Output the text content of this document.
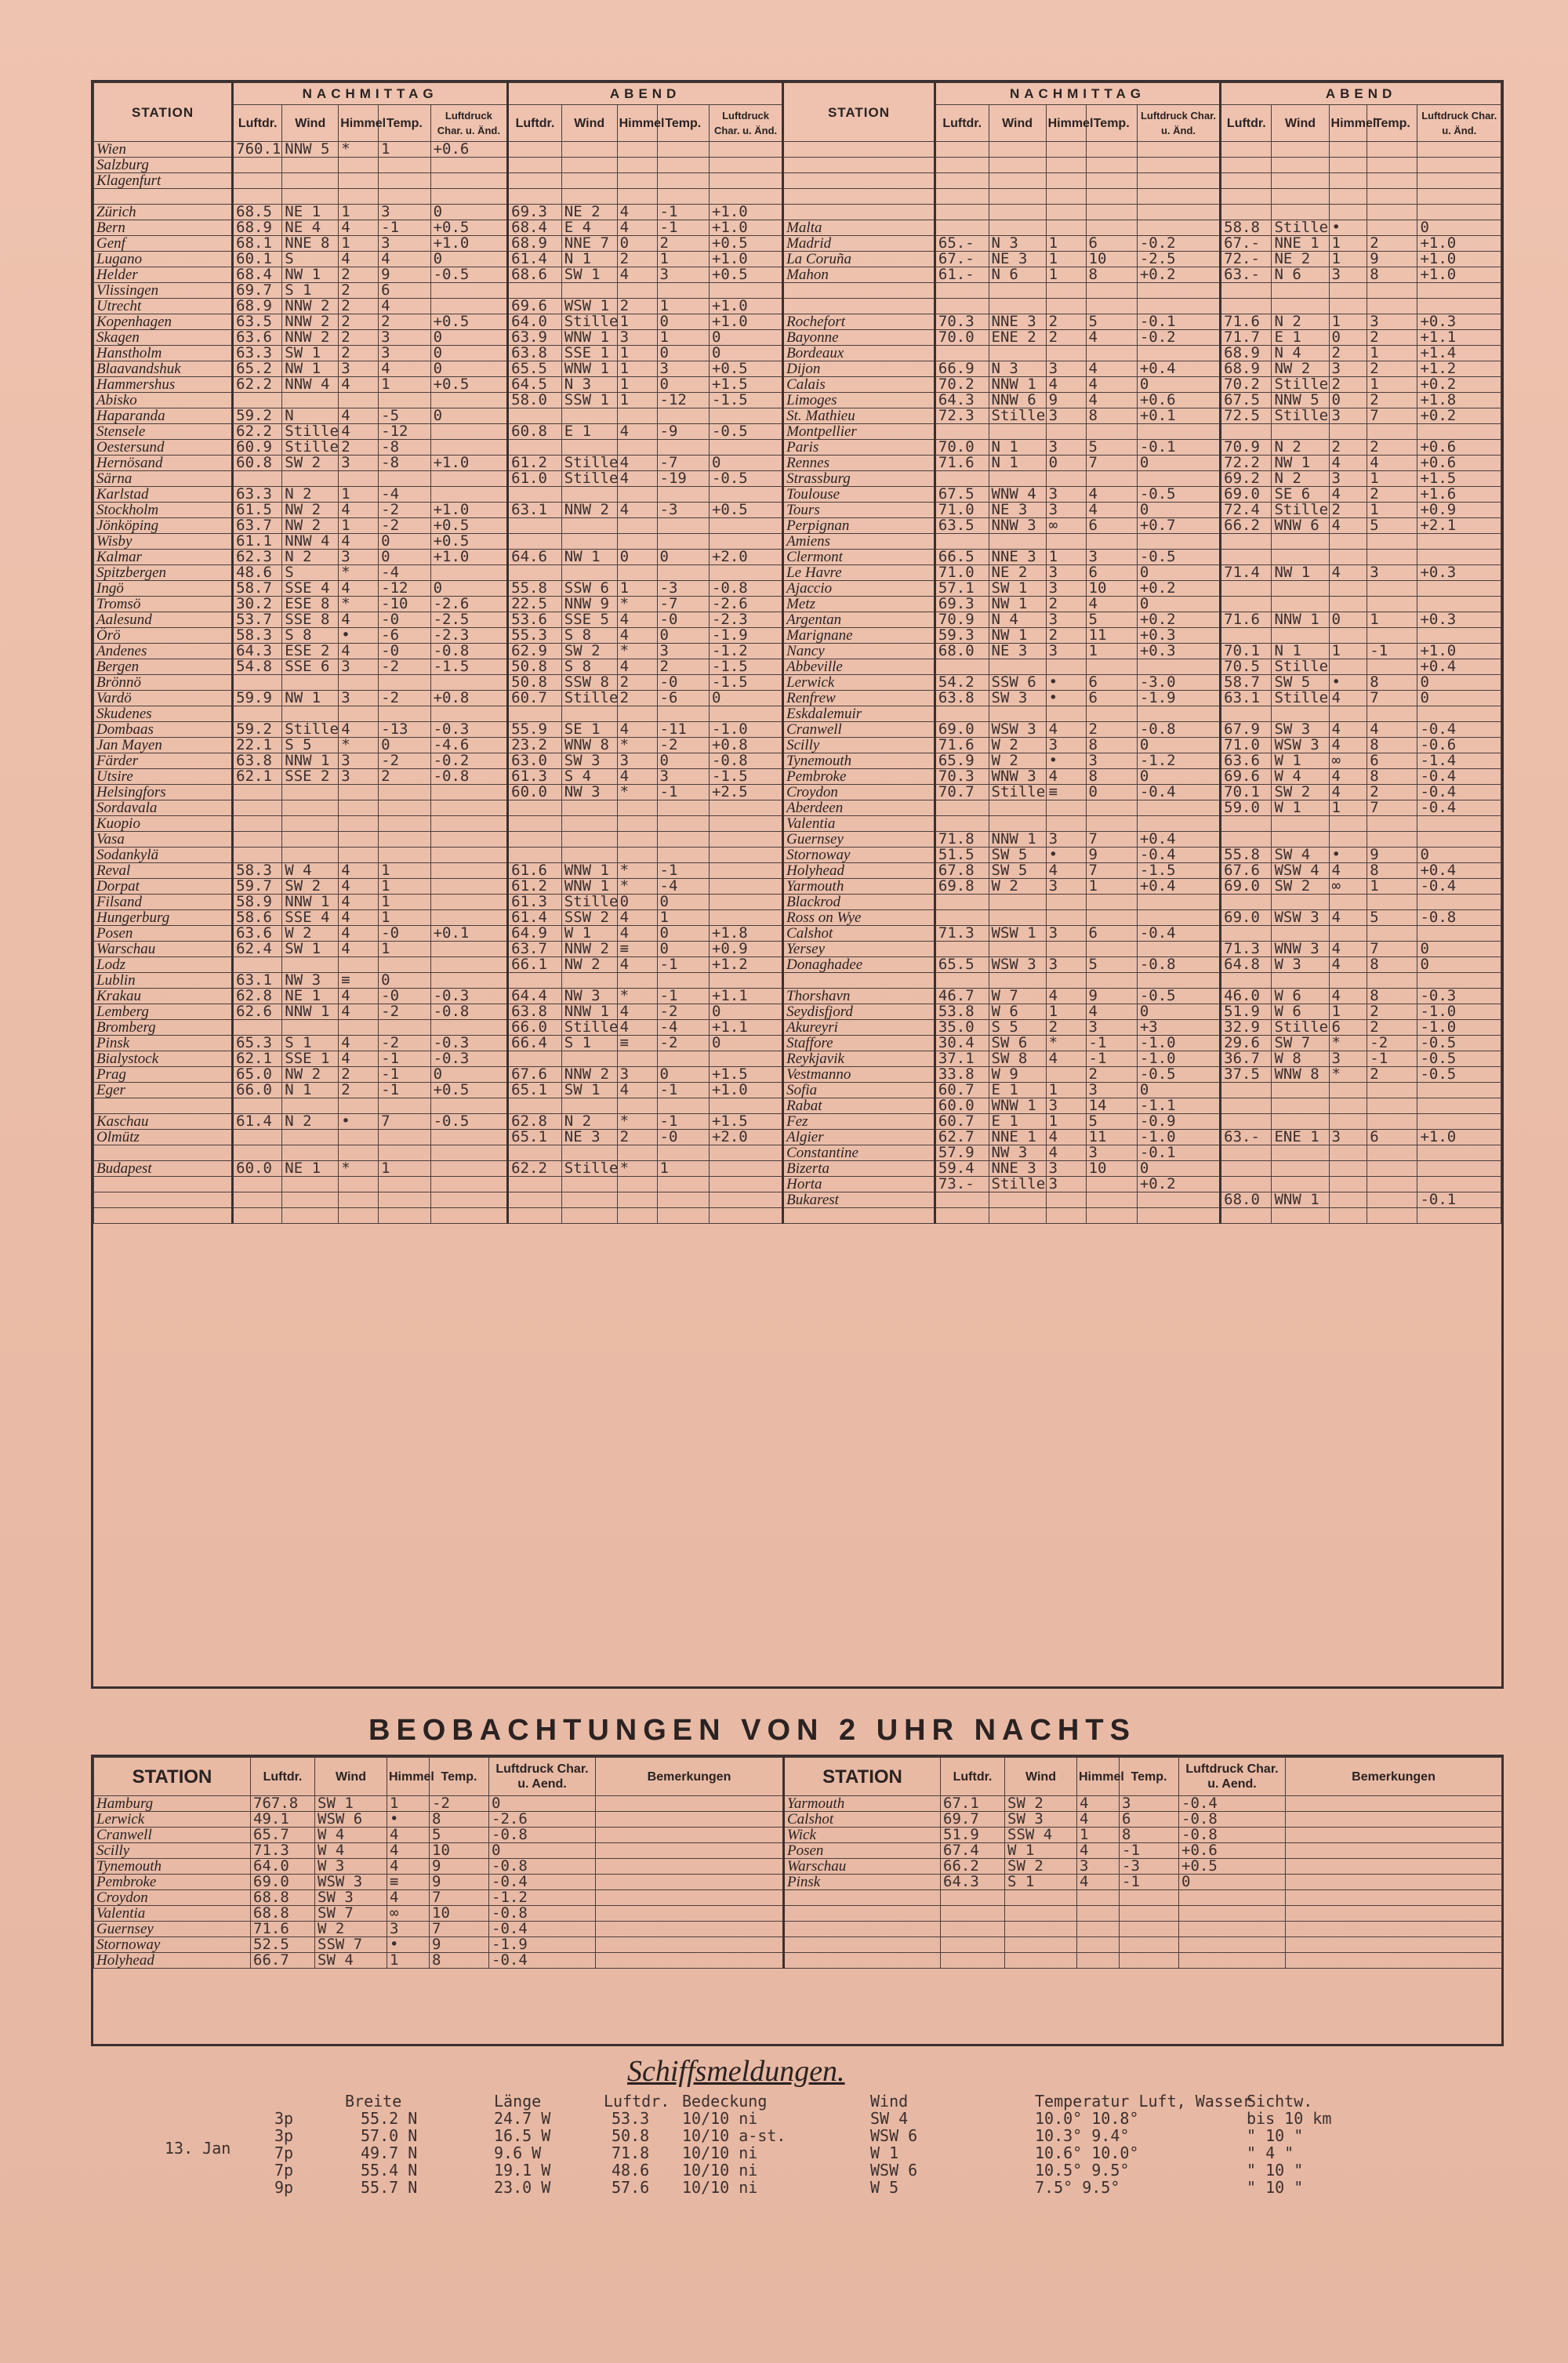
STATION	NACHMITTAG					ABEND					STATION	NACHMITTAG					ABEND				
	Luftdr.	Wind	Himmel	Temp.	Luftdruck Char. u. Änd.	Luftdr.	Wind	Himmel	Temp.	Luftdruck Char. u. Änd.		Luftdr.	Wind	Himmel	Temp.	Luftdruck Char. u. Änd.	Luftdr.	Wind	Himmel	Temp.	Luftdruck Char. u. Änd.
Wien	760.1	NNW 5	*	1	+0.6																
Salzburg																					
Klagenfurt																					

Zürich	68.5	NE 1	1	3	0	69.3	NE 2	4	-1	+1.0											
Bern	68.9	NE 4	4	-1	+0.5	68.4	E 4	4	-1	+1.0	Malta						58.8	Stille	•		0
Genf	68.1	NNE 8	1	3	+1.0	68.9	NNE 7	0	2	+0.5	Madrid	65.-	N 3	1	6	-0.2	67.-	NNE 1	1	2	+1.0
Lugano	60.1	S	4	4	0	61.4	N 1	2	1	+1.0	La Coruña	67.-	NE 3	1	10	-2.5	72.-	NE 2	1	9	+1.0
Helder	68.4	NW 1	2	9	-0.5	68.6	SW 1	4	3	+0.5	Mahon	61.-	N 6	1	8	+0.2	63.-	N 6	3	8	+1.0
Vlissingen	69.7	S 1	2	6																	
Utrecht	68.9	NNW 2	2	4		69.6	WSW 1	2	1	+1.0											
Kopenhagen	63.5	NNW 2	2	2	+0.5	64.0	Stille	1	0	+1.0	Rochefort	70.3	NNE 3	2	5	-0.1	71.6	N 2	1	3	+0.3
Skagen	63.6	NNW 2	2	3	0	63.9	WNW 1	3	1	0	Bayonne	70.0	ENE 2	2	4	-0.2	71.7	E 1	0	2	+1.1
Hanstholm	63.3	SW 1	2	3	0	63.8	SSE 1	1	0	0	Bordeaux						68.9	N 4	2	1	+1.4
Blaavandshuk	65.2	NW 1	3	4	0	65.5	WNW 1	1	3	+0.5	Dijon	66.9	N 3	3	4	+0.4	68.9	NW 2	3	2	+1.2
Hammershus	62.2	NNW 4	4	1	+0.5	64.5	N 3	1	0	+1.5	Calais	70.2	NNW 1	4	4	0	70.2	Stille	2	1	+0.2
Abisko						58.0	SSW 1	1	-12	-1.5	Limoges	64.3	NNW 6	9	4	+0.6	67.5	NNW 5	0	2	+1.8
Haparanda	59.2	N	4	-5	0						St. Mathieu	72.3	Stille	3	8	+0.1	72.5	Stille	3	7	+0.2
Stensele	62.2	Stille	4	-12		60.8	E 1	4	-9	-0.5	Montpellier										
Oestersund	60.9	Stille	2	-8							Paris	70.0	N 1	3	5	-0.1	70.9	N 2	2	2	+0.6
Hernösand	60.8	SW 2	3	-8	+1.0	61.2	Stille	4	-7	0	Rennes	71.6	N 1	0	7	0	72.2	NW 1	4	4	+0.6
Särna						61.0	Stille	4	-19	-0.5	Strassburg						69.2	N 2	3	1	+1.5
Karlstad	63.3	N 2	1	-4							Toulouse	67.5	WNW 4	3	4	-0.5	69.0	SE 6	4	2	+1.6
Stockholm	61.5	NW 2	4	-2	+1.0	63.1	NNW 2	4	-3	+0.5	Tours	71.0	NE 3	3	4	0	72.4	Stille	2	1	+0.9
Jönköping	63.7	NW 2	1	-2	+0.5						Perpignan	63.5	NNW 3	∞	6	+0.7	66.2	WNW 6	4	5	+2.1
Wisby	61.1	NNW 4	4	0	+0.5						Amiens										
Kalmar	62.3	N 2	3	0	+1.0	64.6	NW 1	0	0	+2.0	Clermont	66.5	NNE 3	1	3	-0.5					
Spitzbergen	48.6	S	*	-4							Le Havre	71.0	NE 2	3	6	0	71.4	NW 1	4	3	+0.3
Ingö	58.7	SSE 4	4	-12	0	55.8	SSW 6	1	-3	-0.8	Ajaccio	57.1	SW 1	3	10	+0.2					
Tromsö	30.2	ESE 8	*	-10	-2.6	22.5	NNW 9	*	-7	-2.6	Metz	69.3	NW 1	2	4	0					
Aalesund	53.7	SSE 8	4	-0	-2.5	53.6	SSE 5	4	-0	-2.3	Argentan	70.9	N 4	3	5	+0.2	71.6	NNW 1	0	1	+0.3
Örö	58.3	S 8	•	-6	-2.3	55.3	S 8	4	0	-1.9	Marignane	59.3	NW 1	2	11	+0.3					
Andenes	64.3	ESE 2	4	-0	-0.8	62.9	SW 2	*	3	-1.2	Nancy	68.0	NE 3	3	1	+0.3	70.1	N 1	1	-1	+1.0
Bergen	54.8	SSE 6	3	-2	-1.5	50.8	S 8	4	2	-1.5	Abbeville						70.5	Stille			+0.4
Brönnö						50.8	SSW 8	2	-0	-1.5	Lerwick	54.2	SSW 6	•	6	-3.0	58.7	SW 5	•	8	0
Vardö	59.9	NW 1	3	-2	+0.8	60.7	Stille	2	-6	0	Renfrew	63.8	SW 3	•	6	-1.9	63.1	Stille	4	7	0
Skudenes											Eskdalemuir										
Dombaas	59.2	Stille	4	-13	-0.3	55.9	SE 1	4	-11	-1.0	Cranwell	69.0	WSW 3	4	2	-0.8	67.9	SW 3	4	4	-0.4
Jan Mayen	22.1	S 5	*	0	-4.6	23.2	WNW 8	*	-2	+0.8	Scilly	71.6	W 2	3	8	0	71.0	WSW 3	4	8	-0.6
Färder	63.8	NNW 1	3	-2	-0.2	63.0	SW 3	3	0	-0.8	Tynemouth	65.9	W 2	•	3	-1.2	63.6	W 1	∞	6	-1.4
Utsire	62.1	SSE 2	3	2	-0.8	61.3	S 4	4	3	-1.5	Pembroke	70.3	WNW 3	4	8	0	69.6	W 4	4	8	-0.4
Helsingfors						60.0	NW 3	*	-1	+2.5	Croydon	70.7	Stille	≡	0	-0.4	70.1	SW 2	4	2	-0.4
Sordavala											Aberdeen						59.0	W 1	1	7	-0.4
Kuopio											Valentia										
Vasa											Guernsey	71.8	NNW 1	3	7	+0.4					
Sodankylä											Stornoway	51.5	SW 5	•	9	-0.4	55.8	SW 4	•	9	0
Reval	58.3	W 4	4	1		61.6	WNW 1	*	-1		Holyhead	67.8	SW 5	4	7	-1.5	67.6	WSW 4	4	8	+0.4
Dorpat	59.7	SW 2	4	1		61.2	WNW 1	*	-4		Yarmouth	69.8	W 2	3	1	+0.4	69.0	SW 2	∞	1	-0.4
Filsand	58.9	NNW 1	4	1		61.3	Stille	0	0		Blackrod										
Hungerburg	58.6	SSE 4	4	1		61.4	SSW 2	4	1		Ross on Wye						69.0	WSW 3	4	5	-0.8
Posen	63.6	W 2	4	-0	+0.1	64.9	W 1	4	0	+1.8	Calshot	71.3	WSW 1	3	6	-0.4					
Warschau	62.4	SW 1	4	1		63.7	NNW 2	≡	0	+0.9	Yersey						71.3	WNW 3	4	7	0
Lodz						66.1	NW 2	4	-1	+1.2	Donaghadee	65.5	WSW 3	3	5	-0.8	64.8	W 3	4	8	0
Lublin	63.1	NW 3	≡	0																	
Krakau	62.8	NE 1	4	-0	-0.3	64.4	NW 3	*	-1	+1.1	Thorshavn	46.7	W 7	4	9	-0.5	46.0	W 6	4	8	-0.3
Lemberg	62.6	NNW 1	4	-2	-0.8	63.8	NNW 1	4	-2	0	Seydisfjord	53.8	W 6	1	4	0	51.9	W 6	1	2	-1.0
Bromberg						66.0	Stille	4	-4	+1.1	Akureyri	35.0	S 5	2	3	+3	32.9	Stille	6	2	-1.0
Pinsk	65.3	S 1	4	-2	-0.3	66.4	S 1	≡	-2	0	Staffore	30.4	SW 6	*	-1	-1.0	29.6	SW 7	*	-2	-0.5
Bialystock	62.1	SSE 1	4	-1	-0.3						Reykjavik	37.1	SW 8	4	-1	-1.0	36.7	W 8	3	-1	-0.5
Prag	65.0	NW 2	2	-1	0	67.6	NNW 2	3	0	+1.5	Vestmanno	33.8	W 9		2	-0.5	37.5	WNW 8	*	2	-0.5
Eger	66.0	N 1	2	-1	+0.5	65.1	SW 1	4	-1	+1.0	Sofia	60.7	E 1	1	3	0					
											Rabat	60.0	WNW 1	3	14	-1.1					
Kaschau	61.4	N 2	•	7	-0.5	62.8	N 2	*	-1	+1.5	Fez	60.7	E 1	1	5	-0.9					
Olmütz						65.1	NE 3	2	-0	+2.0	Algier	62.7	NNE 1	4	11	-1.0	63.-	ENE 1	3	6	+1.0
											Constantine	57.9	NW 3	4	3	-0.1					
Budapest	60.0	NE 1	*	1		62.2	Stille	*	1		Bizerta	59.4	NNE 3	3	10	0					
											Horta	73.-	Stille	3		+0.2					
											Bukarest						68.0	WNW 1			-0.1

BEOBACHTUNGEN VON 2 UHR NACHTS
STATION	Luftdr.	Wind	Himmel	Temp.	Luftdruck Char. u. Aend.	Bemerkungen	STATION	Luftdr.	Wind	Himmel	Temp.	Luftdruck Char. u. Aend.	Bemerkungen
Hamburg	767.8	SW 1	1	-2	0		Yarmouth	67.1	SW 2	4	3	-0.4	
Lerwick	49.1	WSW 6	•	8	-2.6		Calshot	69.7	SW 3	4	6	-0.8	
Cranwell	65.7	W 4	4	5	-0.8		Wick	51.9	SSW 4	1	8	-0.8	
Scilly	71.3	W 4	4	10	0		Posen	67.4	W 1	4	-1	+0.6	
Tynemouth	64.0	W 3	4	9	-0.8		Warschau	66.2	SW 2	3	-3	+0.5	
Pembroke	69.0	WSW 3	≡	9	-0.4		Pinsk	64.3	S 1	4	-1	0	
Croydon	68.8	SW 3	4	7	-1.2								
Valentia	68.8	SW 7	∞	10	-0.8								
Guernsey	71.6	W 2	3	7	-0.4								
Stornoway	52.5	SSW 7	•	9	-1.9								
Holyhead	66.7	SW 4	1	8	-0.4								
Schiffsmeldungen.
Breite	Länge	Luftdr. Bedeckung	Wind	Temperatur Luft, Wasser
Sichtw.
13. Jan
3p	55.2 N	24.7 W	53.3 10/10 ni	SW 4	10.0° 10.8°	bis 10 km
3p	57.0 N	16.5 W	50.8 10/10 a-st.	WSW 6	10.3° 9.4°	" 10 "
7p	49.7 N	9.6 W	71.8 10/10 ni	W 1	10.6° 10.0°	" 4 "
7p	55.4 N	19.1 W	48.6 10/10 ni	WSW 6	10.5° 9.5°	" 10 "
9p	55.7 N	23.0 W	57.6 10/10 ni	W 5	7.5° 9.5°	" 10 "
